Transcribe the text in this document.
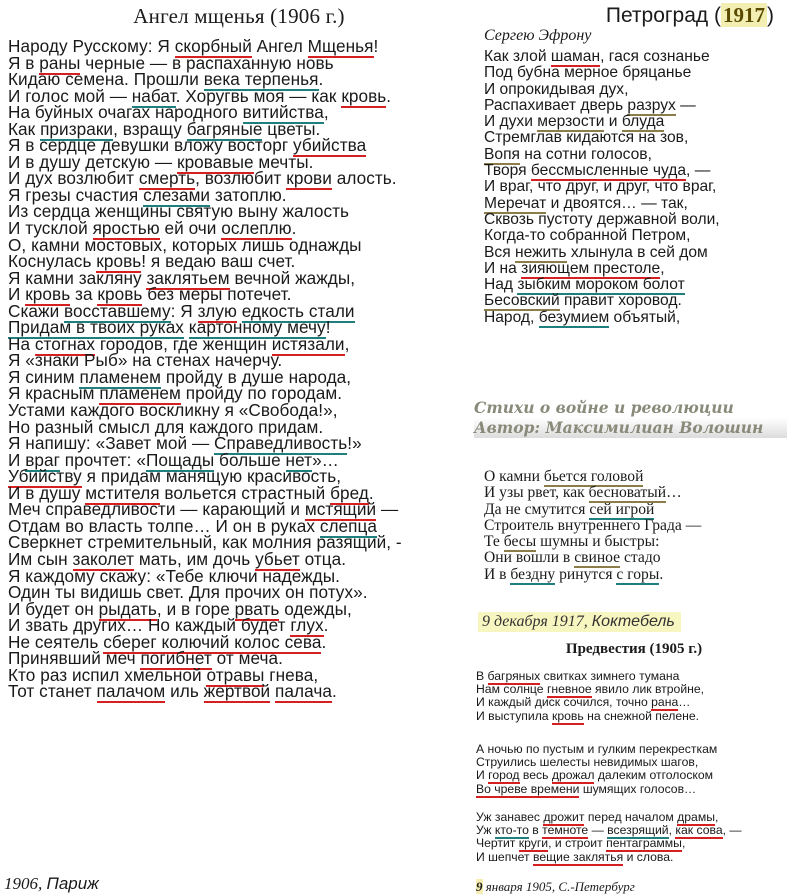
Ангел мщенья (1906 г.)
Народу Русскому: Я скорбный Ангел Мщенья!
Я в раны черные — в распаханную новь
Кидаю семена. Прошли века терпенья.
И голос мой — набат. Хоругвь моя — как кровь.
На буйных очагах народного витийства,
Как призраки, взращу багряные цветы.
Я в сердце девушки вложу восторг убийства
И в душу детскую — кровавые мечты.
И дух возлюбит смерть, возлюбит крови алость.
Я грезы счастия слезами затоплю.
Из сердца женщины святую выну жалость
И тусклой яростью ей очи ослеплю.
О, камни мостовых, которых лишь однажды
Коснулась кровь! я ведаю ваш счет.
Я камни закляну заклятьем вечной жажды,
И кровь за кровь без меры потечет.
Скажи восставшему: Я злую едкость стали
Придам в твоих руках картонному мечу!
На стогнах городов, где женщин истязали,
Я «знаки Рыб» на стенах начерчу.
Я синим пламенем пройду в душе народа,
Я красным пламенем пройду по городам.
Устами каждого воскликну я «Свобода!»,
Но разный смысл для каждого придам.
Я напишу: «Завет мой — Справедливость!»
И враг прочтет: «Пощады больше нет»…
Убийству я придам манящую красивость,
И в душу мстителя вольется страстный бред.
Меч справедливости — карающий и мстящий —
Отдам во власть толпе… И он в руках слепца
Сверкнет стремительный, как молния разящий, -
Им сын заколет мать, им дочь убьет отца.
Я каждому скажу: «Тебе ключи надежды.
Один ты видишь свет. Для прочих он потух».
И будет он рыдать, и в горе рвать одежды,
И звать других… Но каждый будет глух.
Не сеятель сберег колючий колос сева.
Принявший меч погибнет от меча.
Кто раз испил хмельной отравы гнева,
Тот станет палачом иль жертвой палача.
1906, Париж
Петроград (1917)
Сергею Эфрону
Как злой шаман, гася сознанье
Под бубна мерное бряцанье
И опрокидывая дух,
Распахивает дверь разрух —
И духи мерзости и блуда
Стремглав кидаются на зов,
Вопя на сотни голосов,
Творя бессмысленные чуда, —
И враг, что друг, и друг, что враг,
Меречат и двоятся… — так,
Сквозь пустоту державной воли,
Когда-то собранной Петром,
Вся нежить хлынула в сей дом
И на зияющем престоле,
Над зыбким мороком болот
Бесовский правит хоровод.
Народ, безумием объятый,
Стихи о войне и революции
Автор: Максимилиан Волошин
О камни бьется головой
И узы рвет, как бесноватый…
Да не смутится сей игрой
Строитель внутреннего Града —
Те бесы шумны и быстры:
Они вошли в свиное стадо
И в бездну ринутся с горы.
9 декабря 1917, Коктебель
Предвестия (1905 г.)
В багряных свитках зимнего тумана
Нам солнце гневное явило лик втройне,
И каждый диск сочился, точно рана…
И выступила кровь на снежной пелене.
А ночью по пустым и гулким перекресткам
Струились шелесты невидимых шагов,
И город весь дрожал далеким отголоском
Во чреве времени шумящих голосов…
Уж занавес дрожит перед началом драмы,
Уж кто-то в темноте — всезрящий, как сова, —
Чертит круги, и строит пентаграммы,
И шепчет вещие заклятья и слова.
9 января 1905, С.-Петербург
